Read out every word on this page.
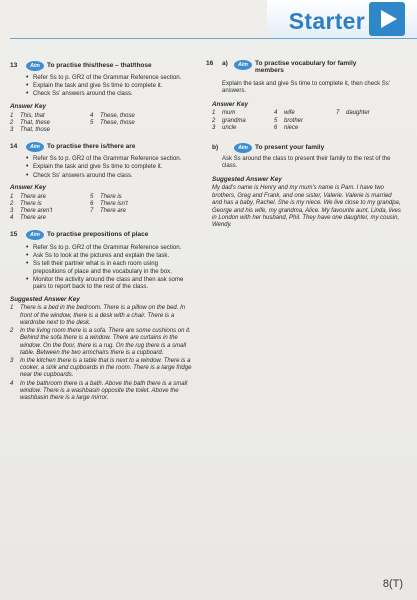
Starter
13	Aim	To practise this/these – that/those
• Refer Ss to p. GR2 of the Grammar Reference section.
• Explain the task and give Ss time to complete it.
• Check Ss' answers around the class.
Answer Key
1 This, that	4 These, those
2 That, these	5 These, those
3 That, those
14	Aim	To practise there is/there are
• Refer Ss to p. GR2 of the Grammar Reference section.
• Explain the task and give Ss time to complete it.
• Check Ss' answers around the class.
Answer Key
1 There are	5 There is
2 There is	6 There isn't
3 There aren't	7 There are
4 There are
15	Aim	To practise prepositions of place
• Refer Ss to p. GR2 of the Grammar Reference section.
• Ask Ss to look at the pictures and explain the task.
• Ss tell their partner what is in each room using prepositions of place and the vocabulary in the box.
• Monitor the activity around the class and then ask some pairs to report back to the rest of the class.
Suggested Answer Key
1	There is a bed in the bedroom. There is a pillow on the bed. In front of the window, there is a desk with a chair. There is a wardrobe next to the desk.
2	In the living room there is a sofa. There are some cushions on it. Behind the sofa there is a window. There are curtains in the window. On the floor, there is a rug. On the rug there is a small table. Between the two armchairs there is a cupboard.
3	In the kitchen there is a table that is next to a window. There is a cooker, a sink and cupboards in the room. There is a large fridge near the cupboards.
4	In the bathroom there is a bath. Above the bath there is a small window. There is a washbasin opposite the toilet. Above the washbasin there is a large mirror.
16	a)	Aim	To practise vocabulary for family members
Explain the task and give Ss time to complete it, then check Ss' answers.
Answer Key
1 mum	4 wife	7 daughter
2 grandma	5 brother
3 uncle	6 niece
b)	Aim	To present your family
Ask Ss around the class to present their family to the rest of the class.
Suggested Answer Key
My dad's name is Henry and my mum's name is Pam. I have two brothers, Greg and Frank, and one sister, Valerie. Valerie is married and has a baby, Rachel. She is my niece. We live close to my grandpa, George and his wife, my grandma, Alice. My favourite aunt, Linda, lives in London with her husband, Phil. They have one daughter, my cousin, Wendy.
8(T)
